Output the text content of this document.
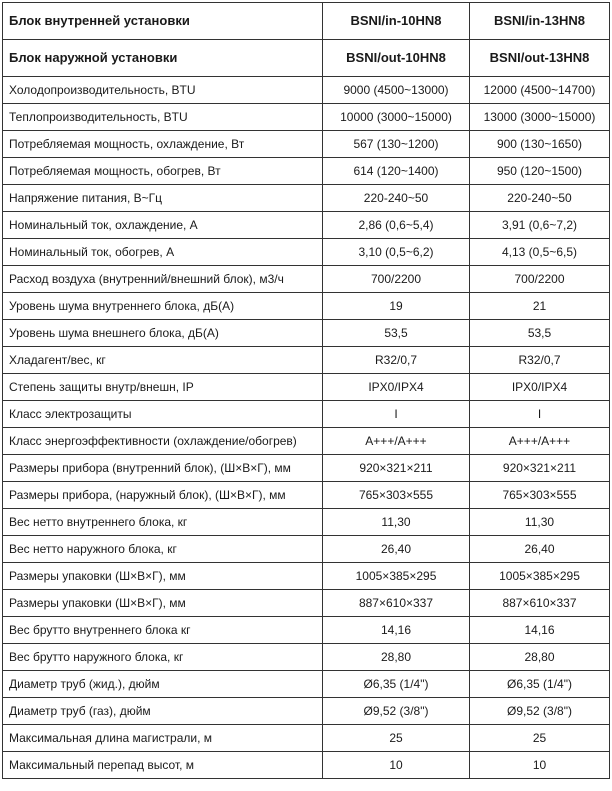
Блок внутренней установки	BSNI/in-10HN8	BSNI/in-13HN8
Блок наружной установки	BSNI/out-10HN8	BSNI/out-13HN8
Холодопроизводительность, BTU	9000 (4500~13000)	12000 (4500~14700)
Теплопроизводительность, BTU	10000 (3000~15000)	13000 (3000~15000)
Потребляемая мощность, охлаждение, Вт	567 (130~1200)	900 (130~1650)
Потребляемая мощность, обогрев, Вт	614 (120~1400)	950 (120~1500)
Напряжение питания, В~Гц	220-240~50	220-240~50
Номинальный ток, охлаждение, А	2,86 (0,6~5,4)	3,91 (0,6~7,2)
Номинальный ток, обогрев, А	3,10 (0,5~6,2)	4,13 (0,5~6,5)
Расход воздуха (внутренний/внешний блок), м3/ч	700/2200	700/2200
Уровень шума внутреннего блока, дБ(А)	19	21
Уровень шума внешнего блока, дБ(А)	53,5	53,5
Хладагент/вес, кг	R32/0,7	R32/0,7
Степень защиты внутр/внешн, IP	IPX0/IPX4	IPX0/IPX4
Класс электрозащиты	I	I
Класс энергоэффективности (охлаждение/обогрев)	А+++/А+++	А+++/А+++
Размеры прибора (внутренний блок), (Ш×В×Г), мм	920×321×211	920×321×211
Размеры прибора, (наружный блок), (Ш×В×Г), мм	765×303×555	765×303×555
Вес нетто внутреннего блока, кг	11,30	11,30
Вес нетто наружного блока, кг	26,40	26,40
Размеры упаковки (Ш×В×Г), мм	1005×385×295	1005×385×295
Размеры упаковки (Ш×В×Г), мм	887×610×337	887×610×337
Вес брутто внутреннего блока кг	14,16	14,16
Вес брутто наружного блока, кг	28,80	28,80
Диаметр труб (жид.), дюйм	Ø6,35 (1/4")	Ø6,35 (1/4")
Диаметр труб (газ), дюйм	Ø9,52 (3/8")	Ø9,52 (3/8")
Максимальная длина магистрали, м	25	25
Максимальный перепад высот, м	10	10
